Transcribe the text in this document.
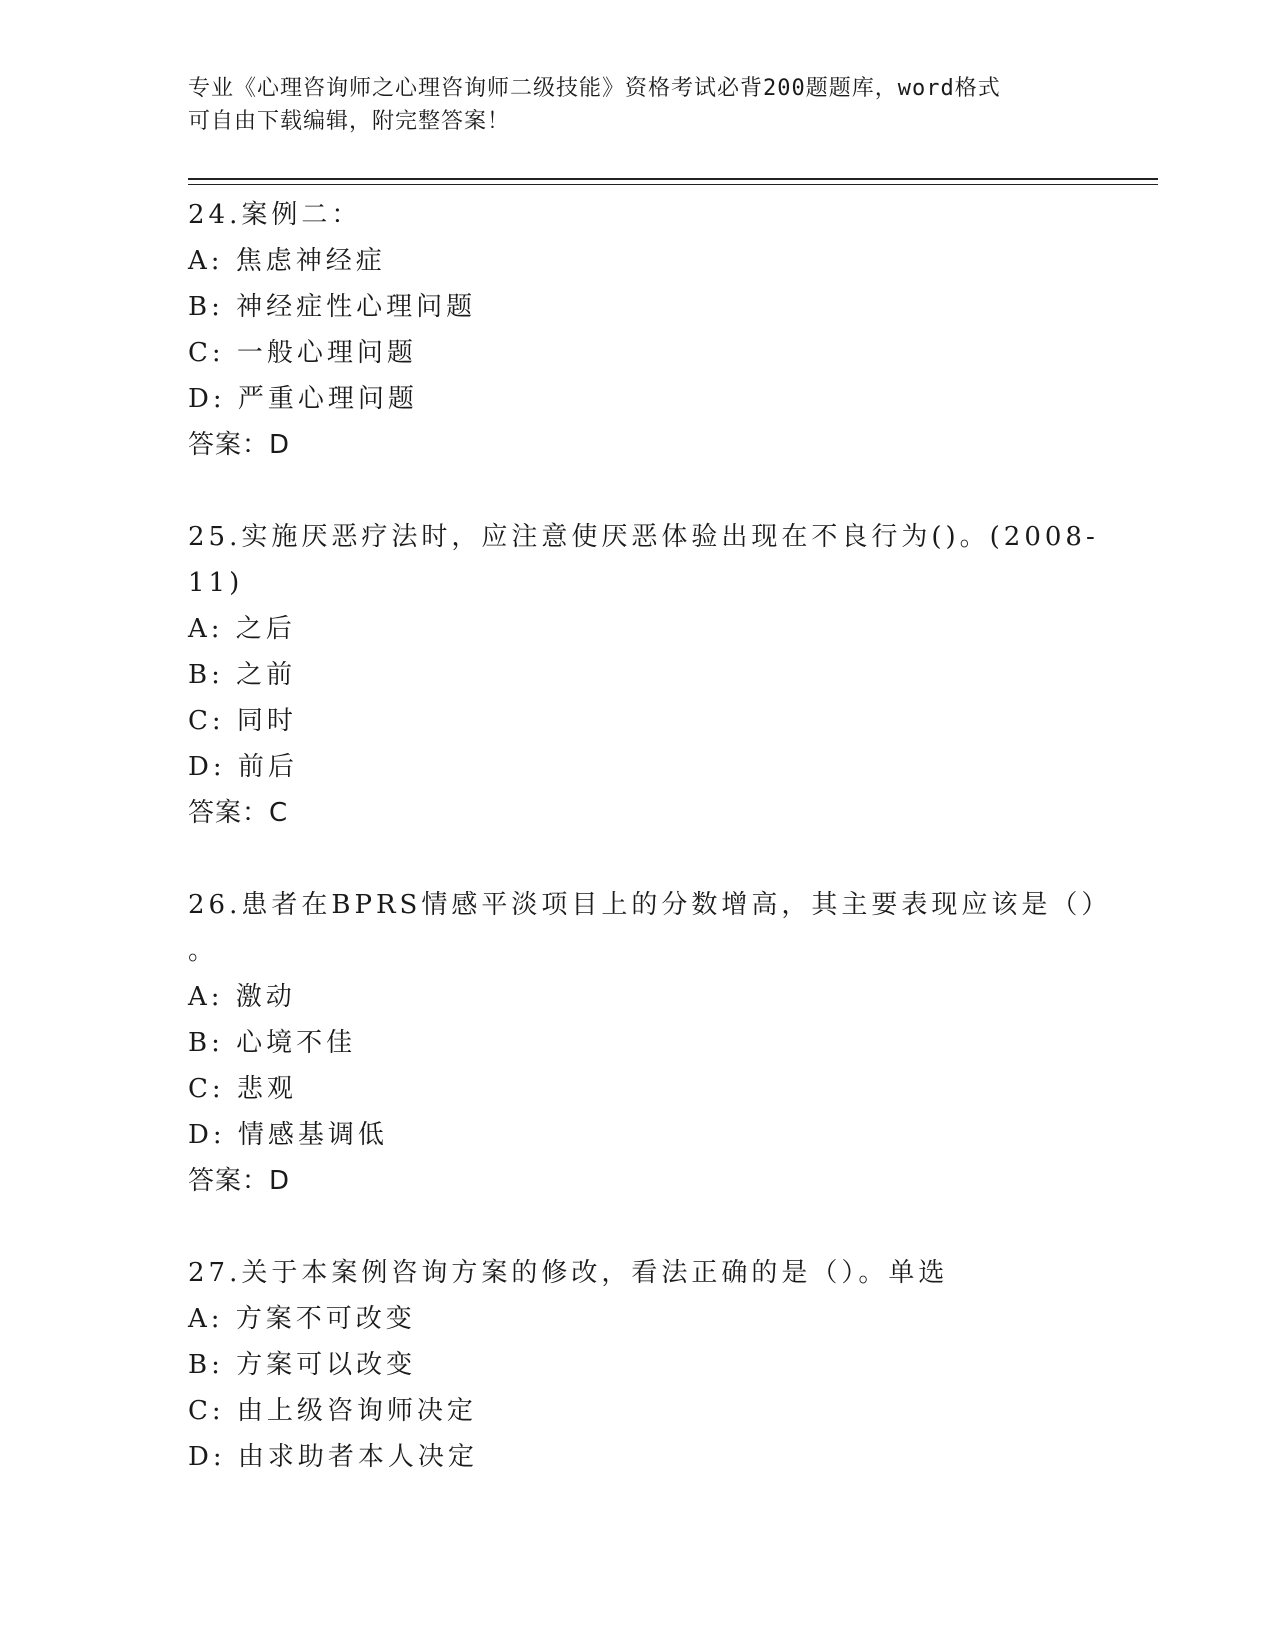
专业《心理咨询师之心理咨询师二级技能》资格考试必背200题题库，word格式
可自由下载编辑，附完整答案！
24.案例二：
A: 焦虑神经症
B: 神经症性心理问题
C: 一般心理问题
D: 严重心理问题
答案：D
25.实施厌恶疗法时，应注意使厌恶体验出现在不良行为()。(2008-
11)
A: 之后
B: 之前
C: 同时
D: 前后
答案：C
26.患者在BPRS情感平淡项目上的分数增高，其主要表现应该是（）
。
A: 激动
B: 心境不佳
C: 悲观
D: 情感基调低
答案：D
27.关于本案例咨询方案的修改，看法正确的是（）。单选
A: 方案不可改变
B: 方案可以改变
C: 由上级咨询师决定
D: 由求助者本人决定
